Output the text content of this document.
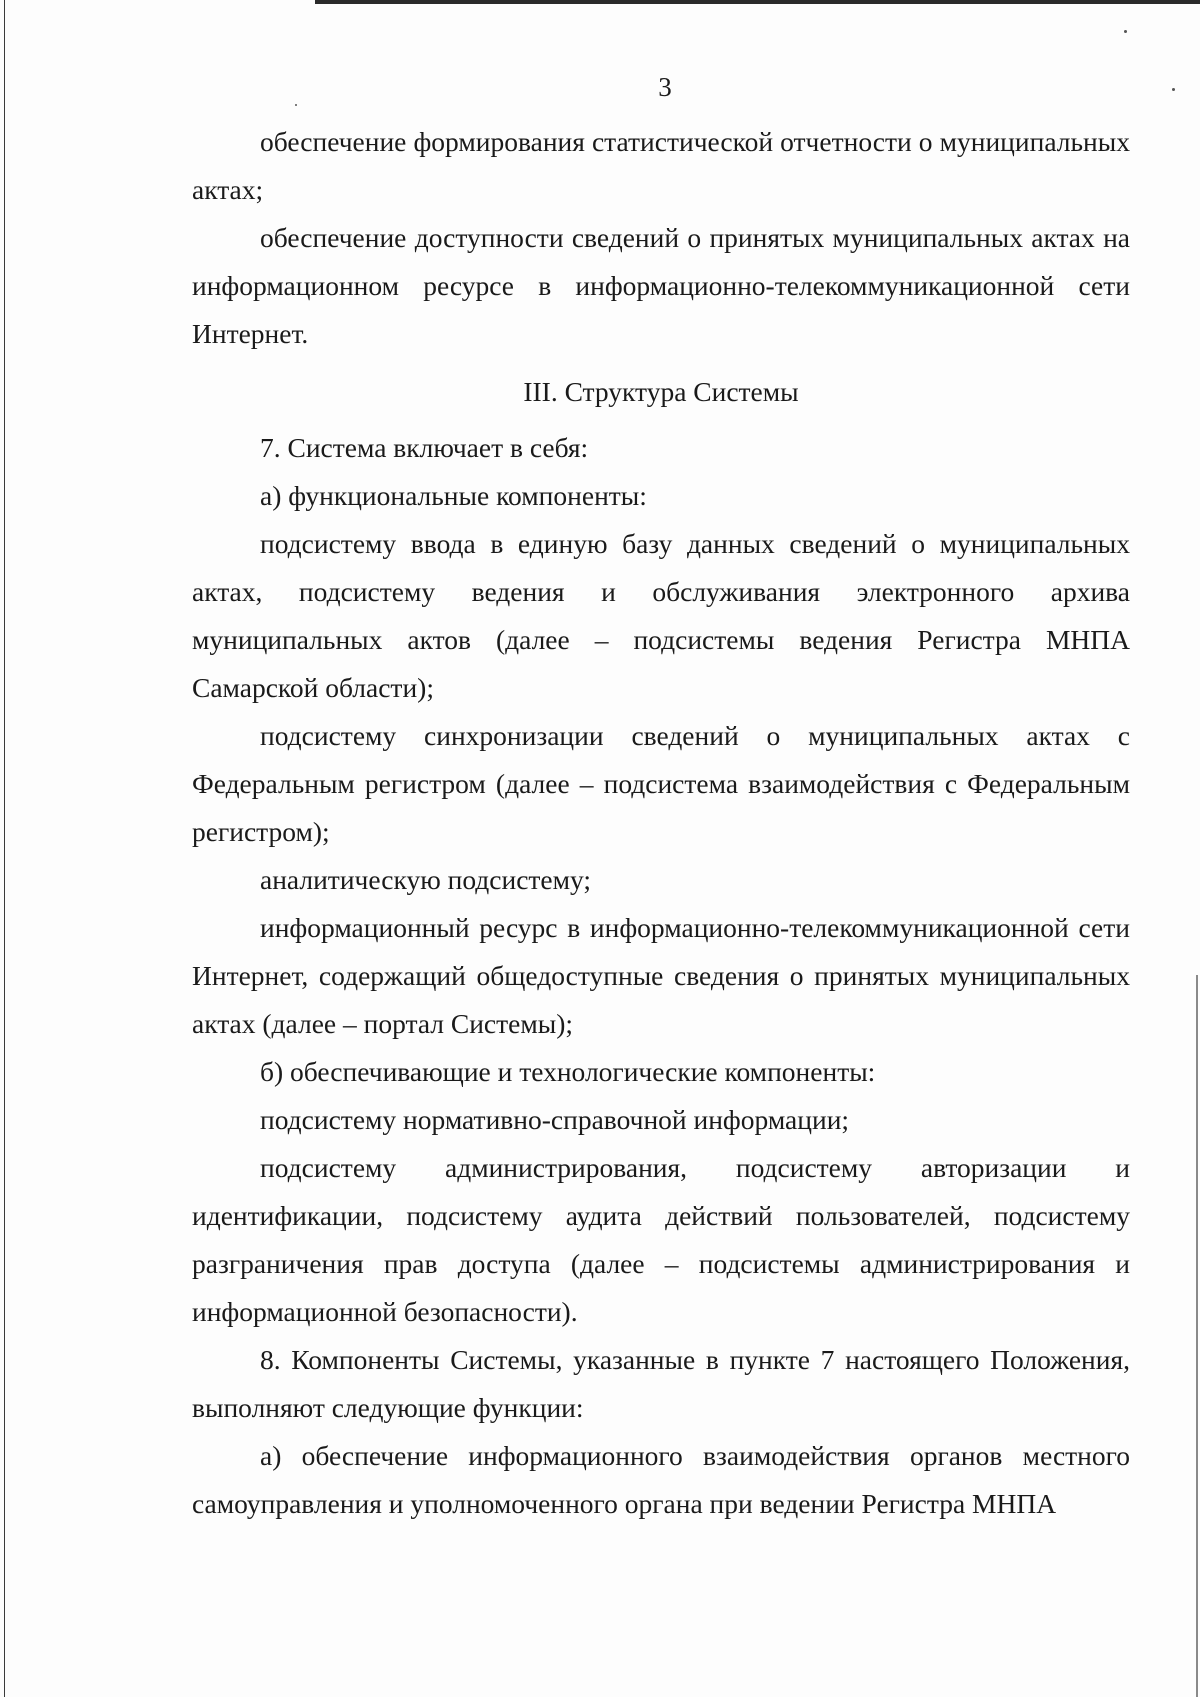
3

обеспечение формирования статистической отчетности о муниципальных актах;

обеспечение доступности сведений о принятых муниципальных актах на информационном ресурсе в информационно-телекоммуникационной сети Интернет.

III. Структура Системы

7. Система включает в себя:

а) функциональные компоненты:

подсистему ввода в единую базу данных сведений о муниципальных актах, подсистему ведения и обслуживания электронного архива муниципальных актов (далее – подсистемы ведения Регистра МНПА Самарской области);

подсистему синхронизации сведений о муниципальных актах с Федеральным регистром (далее – подсистема взаимодействия с Федеральным регистром);

аналитическую подсистему;

информационный ресурс в информационно-телекоммуникационной сети Интернет, содержащий общедоступные сведения о принятых муниципальных актах (далее – портал Системы);

б) обеспечивающие и технологические компоненты:

подсистему нормативно-справочной информации;

подсистему администрирования, подсистему авторизации и идентификации, подсистему аудита действий пользователей, подсистему разграничения прав доступа (далее – подсистемы администрирования и информационной безопасности).

8. Компоненты Системы, указанные в пункте 7 настоящего Положения, выполняют следующие функции:

а) обеспечение информационного взаимодействия органов местного самоуправления и уполномоченного органа при ведении Регистра МНПА
